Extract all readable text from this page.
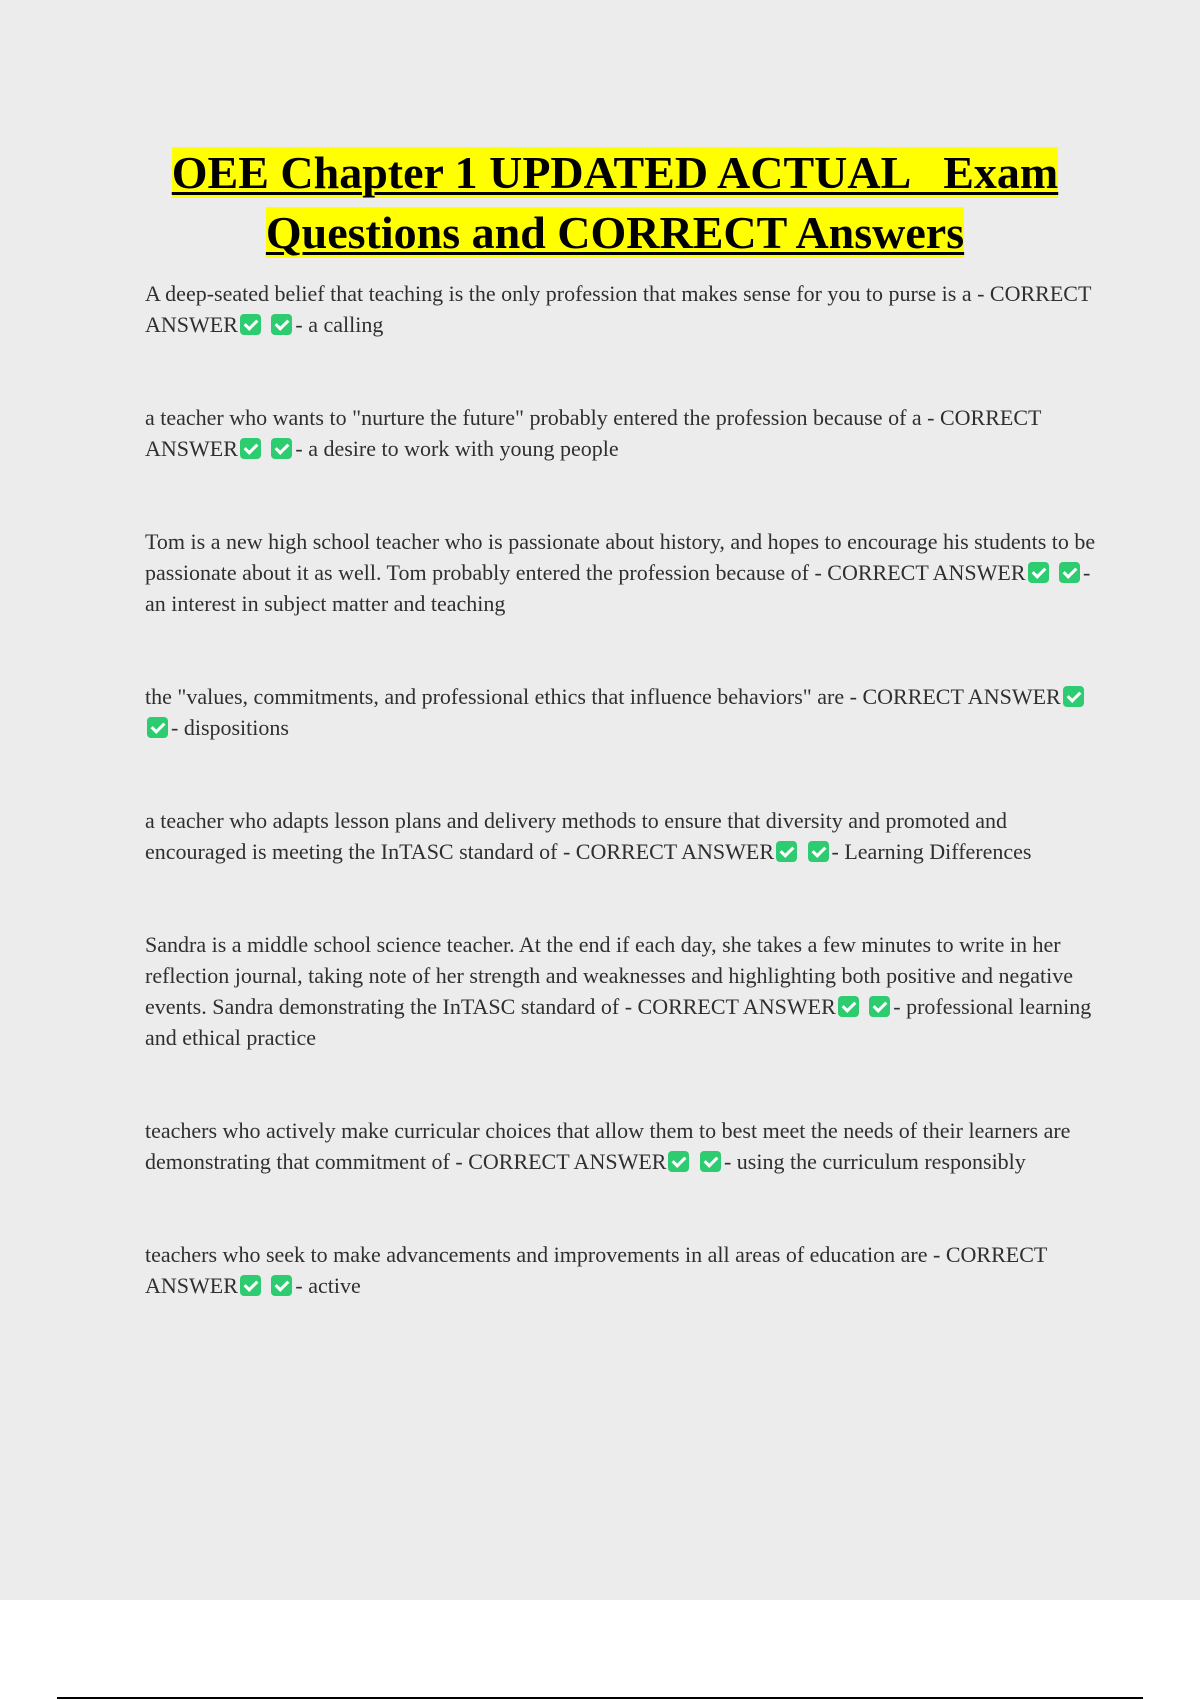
OEE Chapter 1 UPDATED ACTUAL   Exam
Questions and CORRECT Answers

A deep-seated belief that teaching is the only profession that makes sense for you to purse is a - CORRECT ANSWER	- a calling

a teacher who wants to "nurture the future" probably entered the profession because of a - CORRECT ANSWER	- a desire to work with young people

Tom is a new high school teacher who is passionate about history, and hopes to encourage his students to be passionate about it as well. Tom probably entered the profession because of - CORRECT ANSWER	- an interest in subject matter and teaching

the "values, commitments, and professional ethics that influence behaviors" are - CORRECT ANSWER - dispositions

a teacher who adapts lesson plans and delivery methods to ensure that diversity and promoted and encouraged is meeting the InTASC standard of - CORRECT ANSWER	- Learning Differences

Sandra is a middle school science teacher. At the end if each day, she takes a few minutes to write in her reflection journal, taking note of her strength and weaknesses and highlighting both positive and negative events. Sandra demonstrating the InTASC standard of - CORRECT ANSWER	- professional learning and ethical practice

teachers who actively make curricular choices that allow them to best meet the needs of their learners are demonstrating that commitment of - CORRECT ANSWER	- using the curriculum responsibly

teachers who seek to make advancements and improvements in all areas of education are - CORRECT ANSWER	- active
